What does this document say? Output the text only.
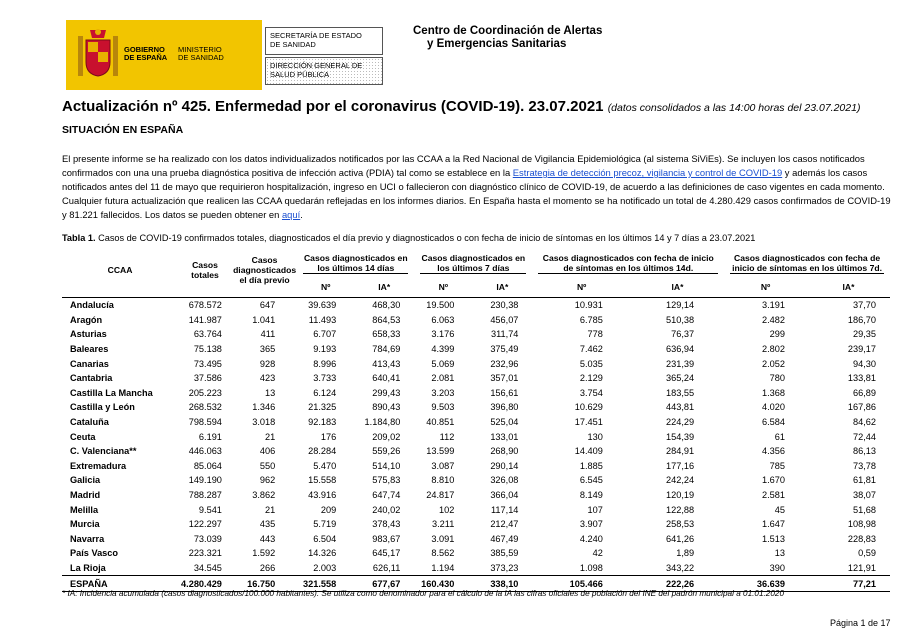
GOBIERNO
DE ESPAÑA
MINISTERIO
DE SANIDAD
SECRETARÍA DE ESTADO
DE SANIDAD
DIRECCIÓN GENERAL DE
SALUD PÚBLICA
Centro de Coordinación de Alertas
y Emergencias Sanitarias
Actualización nº 425. Enfermedad por el coronavirus (COVID-19). 23.07.2021 (datos consolidados a las 14:00 horas del 23.07.2021)
SITUACIÓN EN ESPAÑA
El presente informe se ha realizado con los datos individualizados notificados por las CCAA a la Red Nacional de Vigilancia Epidemiológica (al sistema SiViEs). Se incluyen los casos notificados confirmados con una una prueba diagnóstica positiva de infección activa (PDIA) tal como se establece en la Estrategia de detección precoz, vigilancia y control de COVID-19 y además los casos notificados antes del 11 de mayo que requirieron hospitalización, ingreso en UCI o fallecieron con diagnóstico clínico de COVID-19, de acuerdo a las definiciones de caso vigentes en cada momento. Cualquier futura actualización que realicen las CCAA quedarán reflejadas en los informes diarios. En España hasta el momento se ha notificado un total de 4.280.429 casos confirmados de COVID-19 y 81.221 fallecidos. Los datos se pueden obtener en aquí.
Tabla 1. Casos de COVID-19 confirmados totales, diagnosticados el día previo y diagnosticados o con fecha de inicio de síntomas en los últimos 14 y 7 días a 23.07.2021
CCAA	Casos totales	Casos diagnosticados el día previo	Casos diagnosticados en los últimos 14 días		Casos diagnosticados en los últimos 7 días		Casos diagnosticados con fecha de inicio de síntomas en los últimos 14d.		Casos diagnosticados con fecha de inicio de síntomas en los últimos 7d.	

			Nº	IA*	Nº	IA*	Nº	IA*	Nº	IA*

Andalucía	678.572	647	39.639	468,30	19.500	230,38	10.931	129,14	3.191	37,70
Aragón	141.987	1.041	11.493	864,53	6.063	456,07	6.785	510,38	2.482	186,70
Asturias	63.764	411	6.707	658,33	3.176	311,74	778	76,37	299	29,35
Baleares	75.138	365	9.193	784,69	4.399	375,49	7.462	636,94	2.802	239,17
Canarias	73.495	928	8.996	413,43	5.069	232,96	5.035	231,39	2.052	94,30
Cantabria	37.586	423	3.733	640,41	2.081	357,01	2.129	365,24	780	133,81
Castilla La Mancha	205.223	13	6.124	299,43	3.203	156,61	3.754	183,55	1.368	66,89
Castilla y León	268.532	1.346	21.325	890,43	9.503	396,80	10.629	443,81	4.020	167,86
Cataluña	798.594	3.018	92.183	1.184,80	40.851	525,04	17.451	224,29	6.584	84,62
Ceuta	6.191	21	176	209,02	112	133,01	130	154,39	61	72,44
C. Valenciana**	446.063	406	28.284	559,26	13.599	268,90	14.409	284,91	4.356	86,13
Extremadura	85.064	550	5.470	514,10	3.087	290,14	1.885	177,16	785	73,78
Galicia	149.190	962	15.558	575,83	8.810	326,08	6.545	242,24	1.670	61,81
Madrid	788.287	3.862	43.916	647,74	24.817	366,04	8.149	120,19	2.581	38,07
Melilla	9.541	21	209	240,02	102	117,14	107	122,88	45	51,68
Murcia	122.297	435	5.719	378,43	3.211	212,47	3.907	258,53	1.647	108,98
Navarra	73.039	443	6.504	983,67	3.091	467,49	4.240	641,26	1.513	228,83
País Vasco	223.321	1.592	14.326	645,17	8.562	385,59	42	1,89	13	0,59
La Rioja	34.545	266	2.003	626,11	1.194	373,23	1.098	343,22	390	121,91
ESPAÑA	4.280.429	16.750	321.558	677,67	160.430	338,10	105.466	222,26	36.639	77,21
* IA: Incidencia acumulada (casos diagnosticados/100.000 habitantes). Se utiliza como denominador para el cálculo de la IA las cifras oficiales de población del INE del padrón municipal a 01.01.2020
Página 1 de 17
